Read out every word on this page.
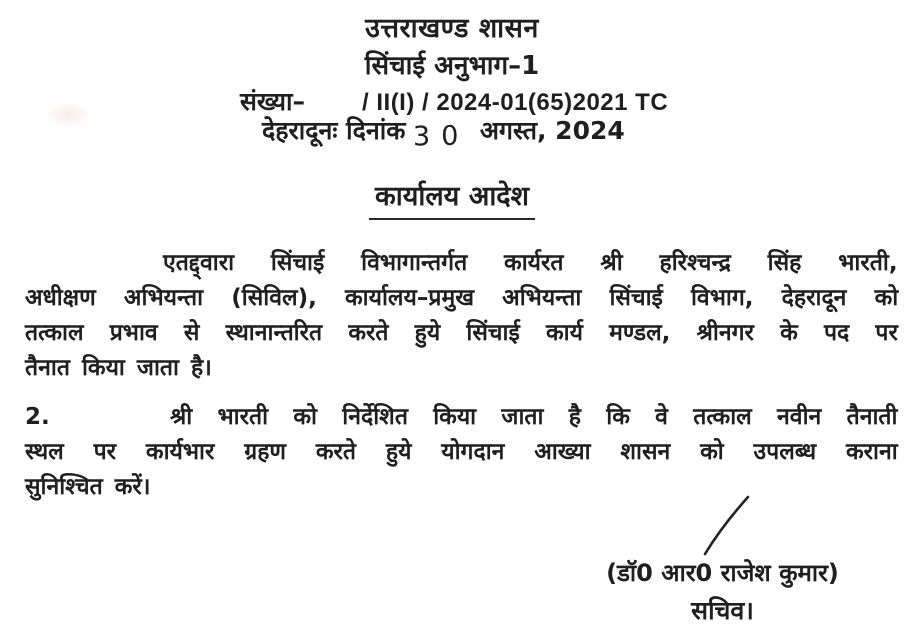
उत्तराखण्ड शासन
सिंचाई अनुभाग–1
संख्या– / II(I) / 2024-01(65)2021 TC
देहरादूनः दिनांक 30 अगस्त, 2024
कार्यालय आदेश
एतद्द्वारा सिंचाई विभागान्तर्गत कार्यरत श्री हरिश्चन्द्र सिंह भारती,
अधीक्षण अभियन्ता (सिविल), कार्यालय–प्रमुख अभियन्ता सिंचाई विभाग, देहरादून को
तत्काल प्रभाव से स्थानान्तरित करते हुये सिंचाई कार्य मण्डल, श्रीनगर के पद पर
तैनात किया जाता है।
2.	श्री भारती को निर्देशित किया जाता है कि वे तत्काल नवीन तैनाती
स्थल पर कार्यभार ग्रहण करते हुये योगदान आख्या शासन को उपलब्ध कराना
सुनिश्चित करें।
(डॉ0 आर0 राजेश कुमार)
सचिव।
